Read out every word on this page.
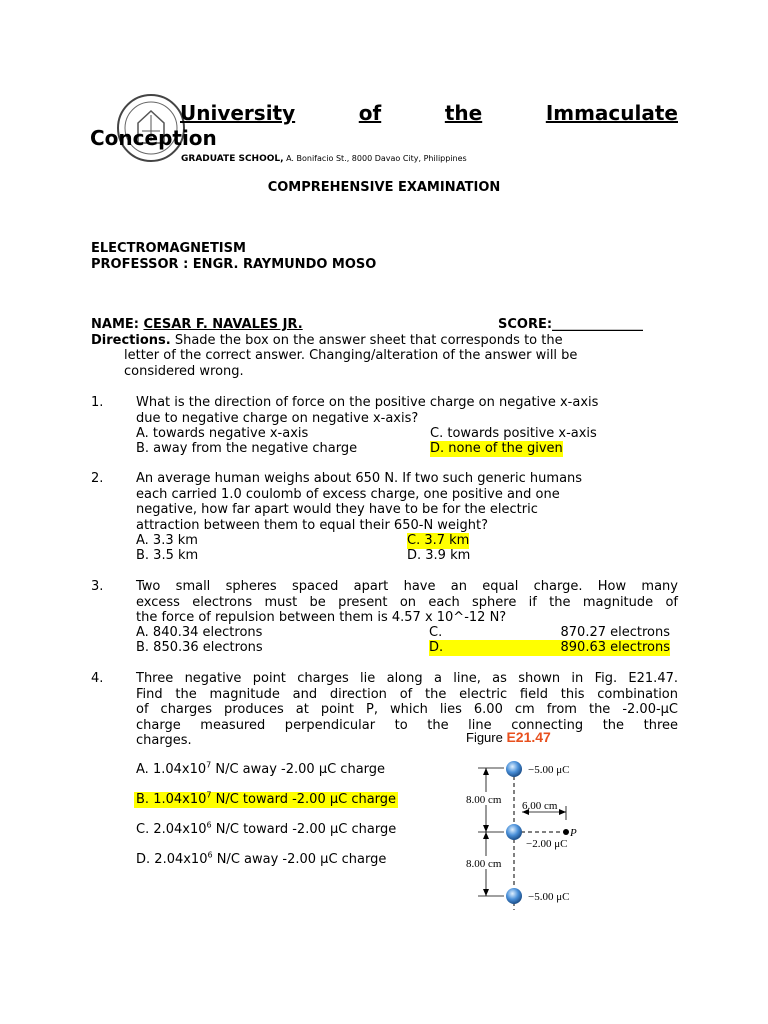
University	of	the	Immaculate
Conception
GRADUATE SCHOOL, A. Bonifacio St., 8000 Davao City, Philippines
COMPREHENSIVE EXAMINATION
ELECTROMAGNETISM
PROFESSOR : ENGR. RAYMUNDO MOSO
NAME: CESAR F. NAVALES JR.	SCORE:______________
Directions. Shade the box on the answer sheet that corresponds to the
letter of the correct answer. Changing/alteration of the answer will be
considered wrong.
1.	What is the direction of force on the positive charge on negative x-axis
due to negative charge on negative x-axis?
A. towards negative x-axis	C. towards positive x-axis
B. away from the negative charge	D. none of the given
2.	An average human weighs about 650 N. If two such generic humans
each carried 1.0 coulomb of excess charge, one positive and one
negative, how far apart would they have to be for the electric
attraction between them to equal their 650-N weight?
A. 3.3 km	C. 3.7 km
B. 3.5 km	D. 3.9 km
3.	Two small spheres spaced apart have an equal charge. How many
excess electrons must be present on each sphere if the magnitude of
the force of repulsion between them is 4.57 x 10^-12 N?
A. 840.34 electrons	C.	870.27 electrons
B. 850.36 electrons	D.	890.63 electrons
4.	Three negative point charges lie along a line, as shown in Fig. E21.47.
Find the magnitude and direction of the electric field this combination
of charges produces at point P, which lies 6.00 cm from the -2.00-μC
charge measured perpendicular to the line connecting the three
charges.
A. $1.04x10^7$ N/C away -2.00 μC charge
B. $1.04x10^7$ N/C toward -2.00 μC charge
C. $2.04x10^6$ N/C toward -2.00 μC charge
D. $2.04x10^6$ N/C away -2.00 μC charge
Figure E21.47
−5.00 μC
−2.00 μC
−5.00 μC
8.00 cm
8.00 cm
6.00 cm
P
